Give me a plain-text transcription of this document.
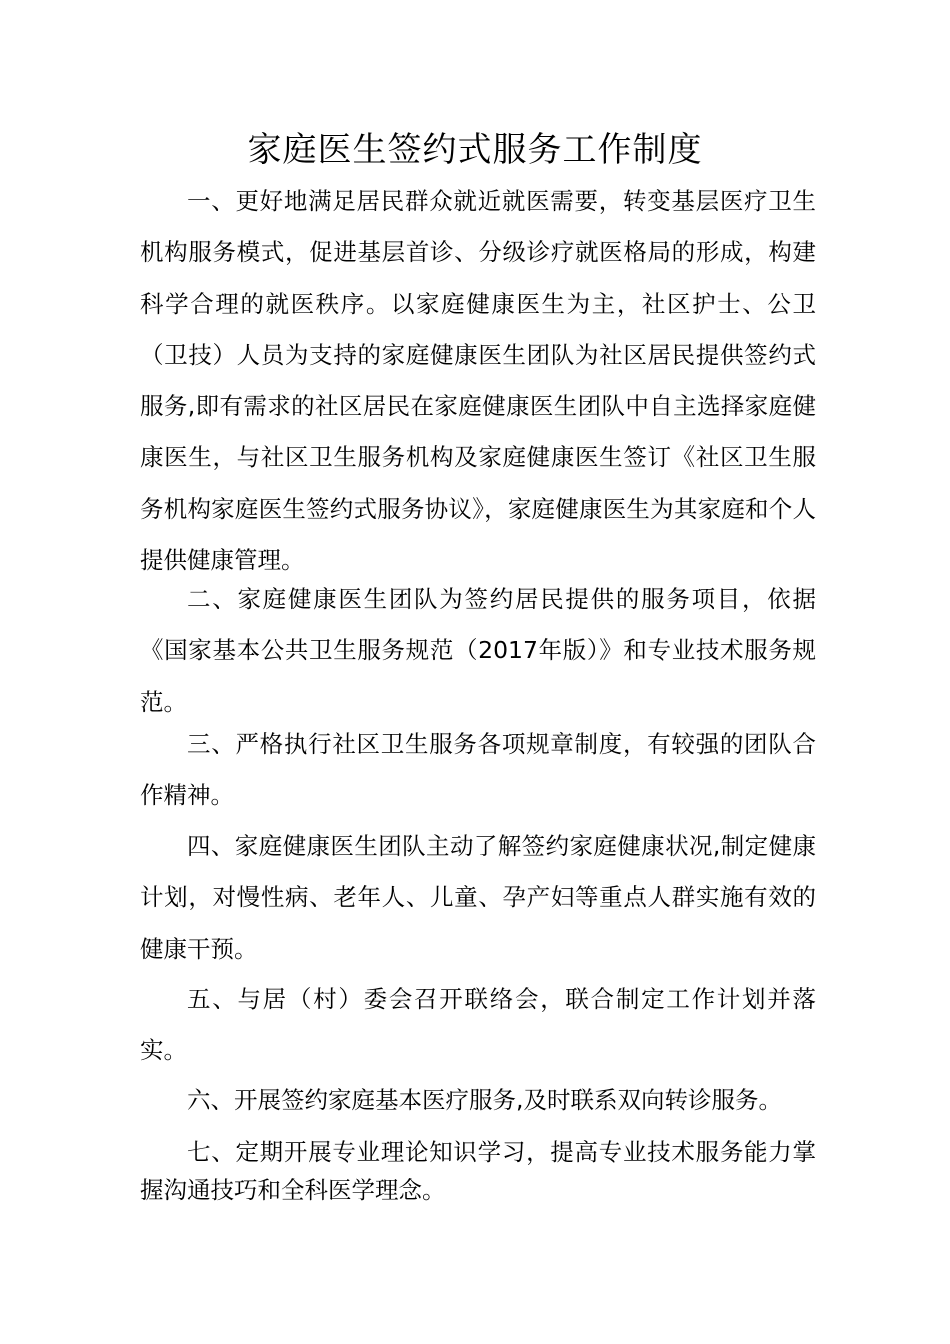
家庭医生签约式服务工作制度

一、更好地满足居民群众就近就医需要，转变基层医疗卫生机构服务模式，促进基层首诊、分级诊疗就医格局的形成，构建科学合理的就医秩序。以家庭健康医生为主，社区护士、公卫（卫技）人员为支持的家庭健康医生团队为社区居民提供签约式服务,即有需求的社区居民在家庭健康医生团队中自主选择家庭健康医生，与社区卫生服务机构及家庭健康医生签订《社区卫生服务机构家庭医生签约式服务协议》，家庭健康医生为其家庭和个人提供健康管理。

二、家庭健康医生团队为签约居民提供的服务项目，依据《国家基本公共卫生服务规范（2017年版）》和专业技术服务规范。

三、严格执行社区卫生服务各项规章制度，有较强的团队合作精神。

四、家庭健康医生团队主动了解签约家庭健康状况,制定健康计划，对慢性病、老年人、儿童、孕产妇等重点人群实施有效的健康干预。

五、与居（村）委会召开联络会，联合制定工作计划并落实。

六、开展签约家庭基本医疗服务,及时联系双向转诊服务。

七、定期开展专业理论知识学习，提高专业技术服务能力掌握沟通技巧和全科医学理念。
